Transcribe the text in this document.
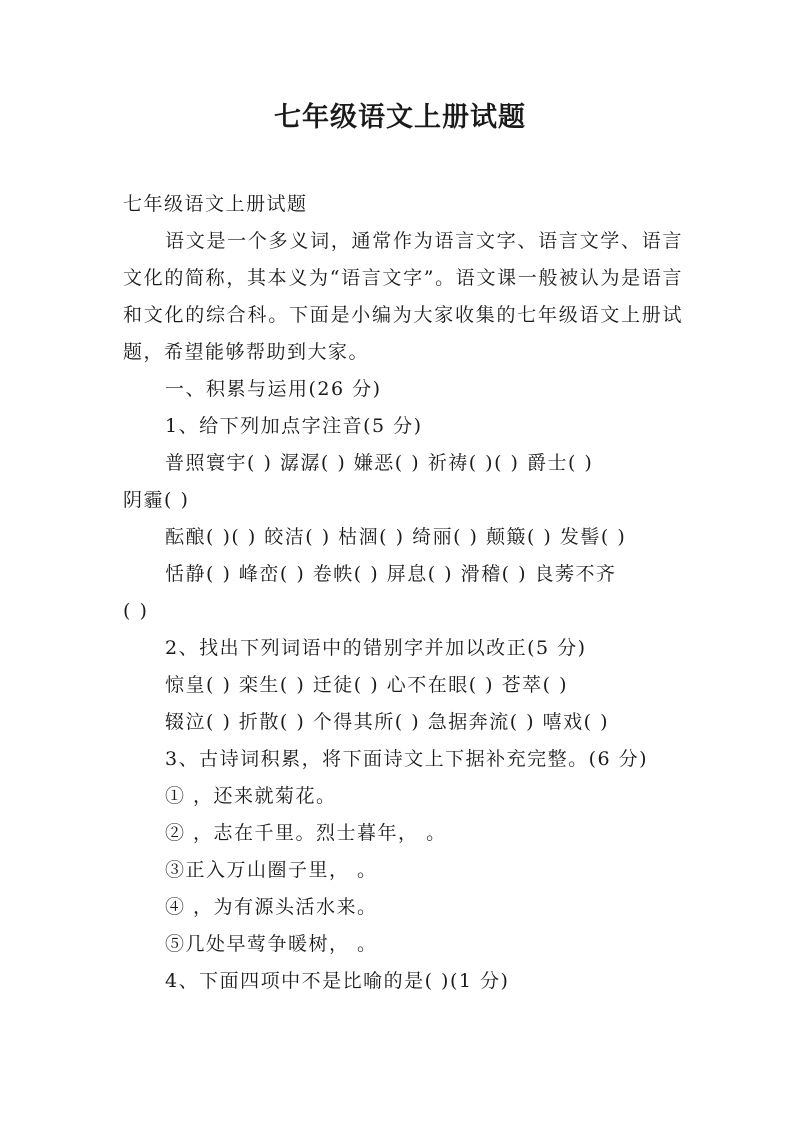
七年级语文上册试题
七年级语文上册试题
语文是一个多义词，通常作为语言文字、语言文学、语言文化的简称，其本义为“语言文字”。语文课一般被认为是语言和文化的综合科。下面是小编为大家收集的七年级语文上册试题，希望能够帮助到大家。
一、积累与运用(26 分)
1、给下列加点字注音(5 分)
普照寰宇( ) 潺潺( ) 嫌恶( ) 祈祷( )( ) 爵士( )
阴霾( )
酝酿( )( ) 皎洁( ) 枯涸( ) 绮丽( ) 颠簸( ) 发髻( )
恬静( ) 峰峦( ) 卷帙( ) 屏息( ) 滑稽( ) 良莠不齐
( )
2、找出下列词语中的错别字并加以改正(5 分)
惊皇( ) 栾生( ) 迁徒( ) 心不在眼( ) 苍萃( )
辍泣( ) 折散( ) 个得其所( ) 急据奔流( ) 嘻戏( )
3、古诗词积累，将下面诗文上下据补充完整。(6 分)
① ，还来就菊花。
② ，志在千里。烈士暮年， 。
③正入万山圈子里， 。
④ ，为有源头活水来。
⑤几处早莺争暖树， 。
4、下面四项中不是比喻的是( )(1 分)
